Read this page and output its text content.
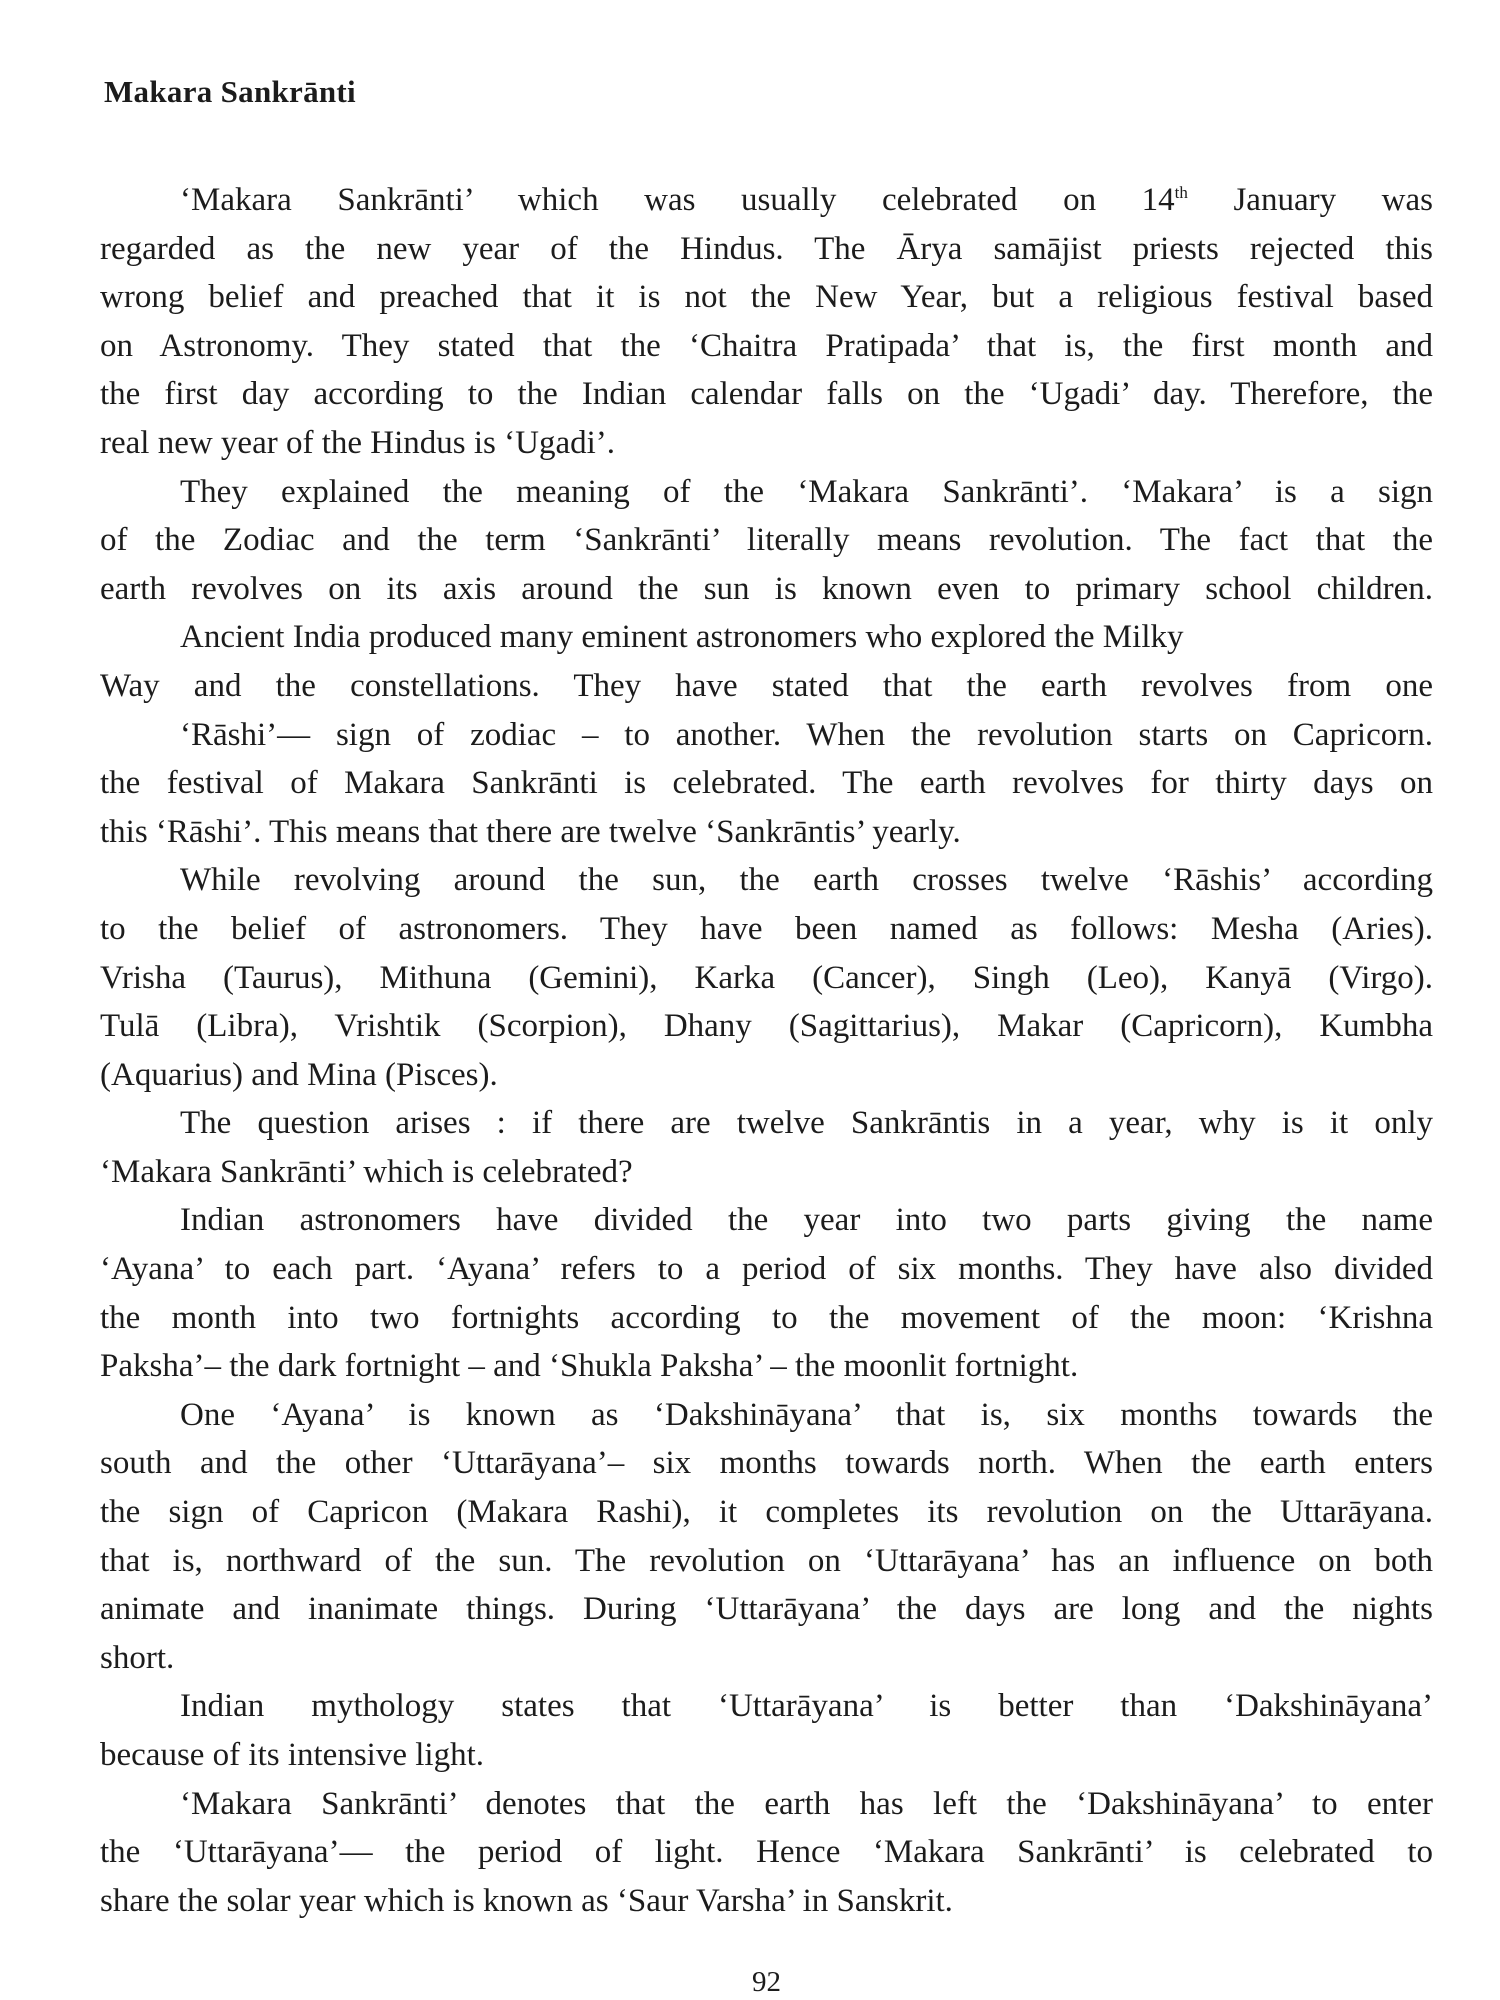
Makara Sankrānti
‘Makara Sankrānti’ which was usually celebrated on 14th January was
regarded as the new year of the Hindus. The Ārya samājist priests rejected this
wrong belief and preached that it is not the New Year, but a religious festival based
on Astronomy. They stated that the ‘Chaitra Pratipada’ that is, the first month and
the first day according to the Indian calendar falls on the ‘Ugadi’ day. Therefore, the
real new year of the Hindus is ‘Ugadi’.
They explained the meaning of the ‘Makara Sankrānti’. ‘Makara’ is a sign
of the Zodiac and the term ‘Sankrānti’ literally means revolution. The fact that the
earth revolves on its axis around the sun is known even to primary school children.
Ancient India produced many eminent astronomers who explored the Milky
Way and the constellations. They have stated that the earth revolves from one
‘Rāshi’— sign of zodiac – to another. When the revolution starts on Capricorn.
the festival of Makara Sankrānti is celebrated. The earth revolves for thirty days on
this ‘Rāshi’. This means that there are twelve ‘Sankrāntis’ yearly.
While revolving around the sun, the earth crosses twelve ‘Rāshis’ according
to the belief of astronomers. They have been named as follows: Mesha (Aries).
Vrisha (Taurus), Mithuna (Gemini), Karka (Cancer), Singh (Leo), Kanyā (Virgo).
Tulā (Libra), Vrishtik (Scorpion), Dhany (Sagittarius), Makar (Capricorn), Kumbha
(Aquarius) and Mina (Pisces).
The question arises : if there are twelve Sankrāntis in a year, why is it only
‘Makara Sankrānti’ which is celebrated?
Indian astronomers have divided the year into two parts giving the name
‘Ayana’ to each part. ‘Ayana’ refers to a period of six months. They have also divided
the month into two fortnights according to the movement of the moon: ‘Krishna
Paksha’– the dark fortnight – and ‘Shukla Paksha’ – the moonlit fortnight.
One ‘Ayana’ is known as ‘Dakshināyana’ that is, six months towards the
south and the other ‘Uttarāyana’– six months towards north. When the earth enters
the sign of Capricon (Makara Rashi), it completes its revolution on the Uttarāyana.
that is, northward of the sun. The revolution on ‘Uttarāyana’ has an influence on both
animate and inanimate things. During ‘Uttarāyana’ the days are long and the nights
short.
Indian mythology states that ‘Uttarāyana’ is better than ‘Dakshināyana’
because of its intensive light.
‘Makara Sankrānti’ denotes that the earth has left the ‘Dakshināyana’ to enter
the ‘Uttarāyana’— the period of light. Hence ‘Makara Sankrānti’ is celebrated to
share the solar year which is known as ‘Saur Varsha’ in Sanskrit.
92
